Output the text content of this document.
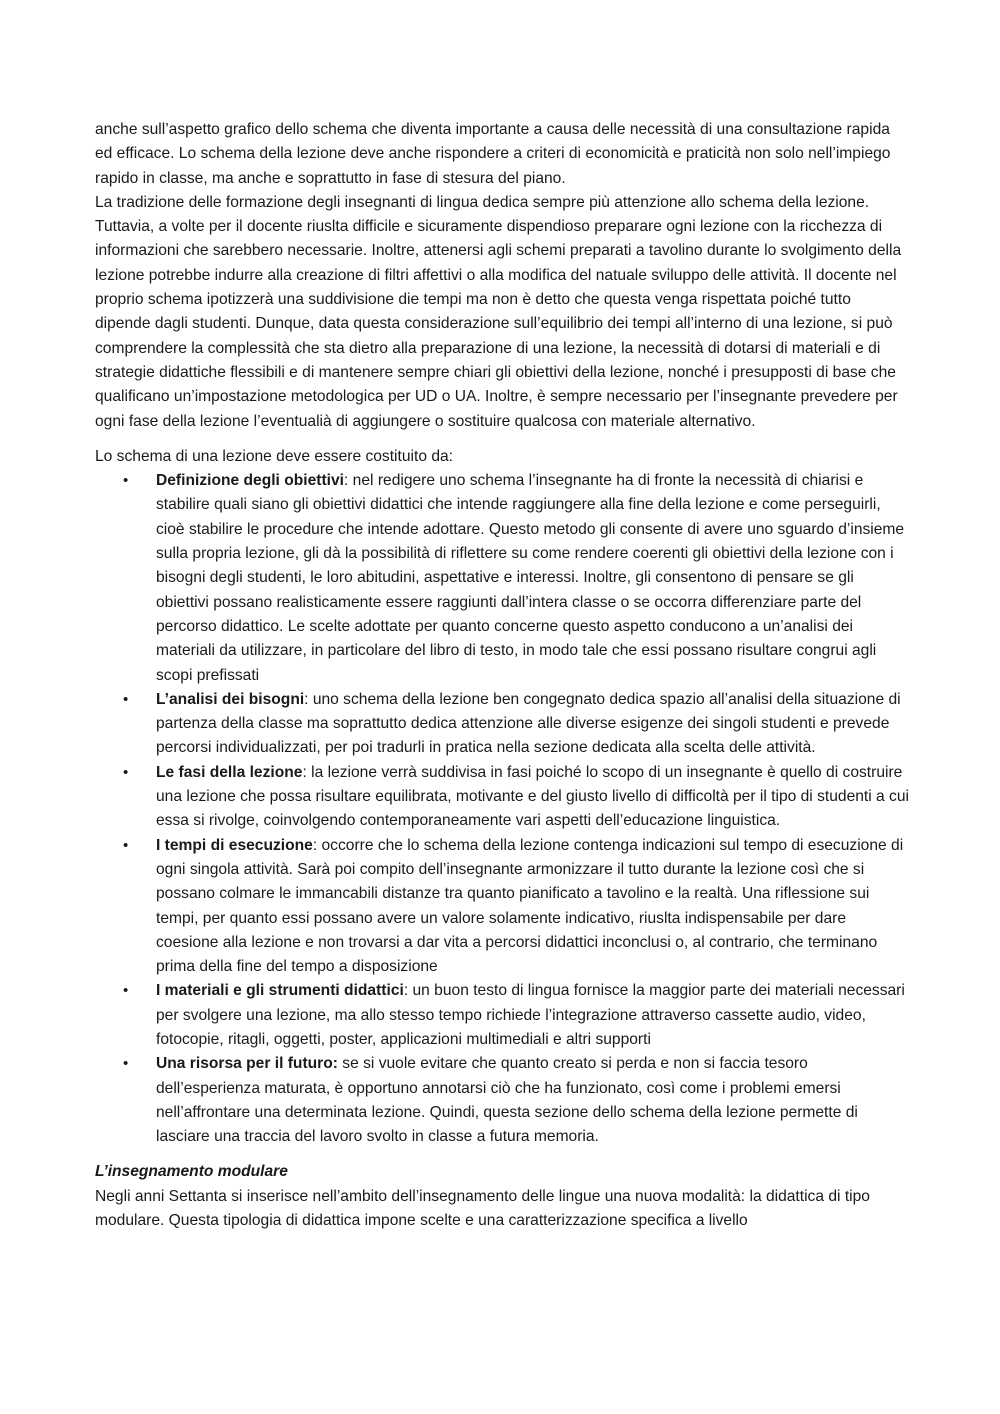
anche sull’aspetto grafico dello schema che diventa importante a causa delle necessità di una consultazione rapida ed efficace. Lo schema della lezione deve anche rispondere a criteri di economicità e praticità non solo nell’impiego rapido in classe, ma anche e soprattutto in fase di stesura del piano.

La tradizione delle formazione degli insegnanti di lingua dedica sempre più attenzione allo schema della lezione. Tuttavia, a volte per il docente riuslta difficile e sicuramente dispendioso preparare ogni lezione con la ricchezza di informazioni che sarebbero necessarie. Inoltre, attenersi agli schemi preparati a tavolino durante lo svolgimento della lezione potrebbe indurre alla creazione di filtri affettivi o alla modifica del natuale sviluppo delle attività. Il docente nel proprio schema ipotizzerà una suddivisione die tempi ma non è detto che questa venga rispettata poiché tutto dipende dagli studenti. Dunque, data questa considerazione sull’equilibrio dei tempi all’interno di una lezione, si può comprendere la complessità che sta dietro alla preparazione di una lezione, la necessità di dotarsi di materiali e di strategie didattiche flessibili e di mantenere sempre chiari gli obiettivi della lezione, nonché i presupposti di base che qualificano un’impostazione metodologica per UD o UA. Inoltre, è sempre necessario per l’insegnante prevedere per ogni fase della lezione l’eventualià di aggiungere o sostituire qualcosa con materiale alternativo.

Lo schema di una lezione deve essere costituito da:

• Definizione degli obiettivi: nel redigere uno schema l’insegnante ha di fronte la necessità di chiarisi e stabilire quali siano gli obiettivi didattici che intende raggiungere alla fine della lezione e come perseguirli, cioè stabilire le procedure che intende adottare. Questo metodo gli consente di avere uno sguardo d’insieme sulla propria lezione, gli dà la possibilità di riflettere su come rendere coerenti gli obiettivi della lezione con i bisogni degli studenti, le loro abitudini, aspettative e interessi. Inoltre, gli consentono di pensare se gli obiettivi possano realisticamente essere raggiunti dall’intera classe o se occorra differenziare parte del percorso didattico. Le scelte adottate per quanto concerne questo aspetto conducono a un’analisi dei materiali da utilizzare, in particolare del libro di testo, in modo tale che essi possano risultare congrui agli scopi prefissati
• L’analisi dei bisogni: uno schema della lezione ben congegnato dedica spazio all’analisi della situazione di partenza della classe ma soprattutto dedica attenzione alle diverse esigenze dei singoli studenti e prevede percorsi individualizzati, per poi tradurli in pratica nella sezione dedicata alla scelta delle attività.
• Le fasi della lezione: la lezione verrà suddivisa in fasi poiché lo scopo di un insegnante è quello di costruire una lezione che possa risultare equilibrata, motivante e del giusto livello di difficoltà per il tipo di studenti a cui essa si rivolge, coinvolgendo contemporaneamente vari aspetti dell’educazione linguistica.
• I tempi di esecuzione: occorre che lo schema della lezione contenga indicazioni sul tempo di esecuzione di ogni singola attività. Sarà poi compito dell’insegnante armonizzare il tutto durante la lezione così che si possano colmare le immancabili distanze tra quanto pianificato a tavolino e la realtà. Una riflessione sui tempi, per quanto essi possano avere un valore solamente indicativo, riuslta indispensabile per dare coesione alla lezione e non trovarsi a dar vita a percorsi didattici inconclusi o, al contrario, che terminano prima della fine del tempo a disposizione
• I materiali e gli strumenti didattici: un buon testo di lingua fornisce la maggior parte dei materiali necessari per svolgere una lezione, ma allo stesso tempo richiede l’integrazione attraverso cassette audio, video, fotocopie, ritagli, oggetti, poster, applicazioni multimediali e altri supporti
• Una risorsa per il futuro: se si vuole evitare che quanto creato si perda e non si faccia tesoro dell’esperienza maturata, è opportuno annotarsi ciò che ha funzionato, così come i problemi emersi nell’affrontare una determinata lezione. Quindi, questa sezione dello schema della lezione permette di lasciare una traccia del lavoro svolto in classe a futura memoria.

L’insegnamento modulare

Negli anni Settanta si inserisce nell’ambito dell’insegnamento delle lingue una nuova modalità: la didattica di tipo modulare. Questa tipologia di didattica impone scelte e una caratterizzazione specifica a livello
